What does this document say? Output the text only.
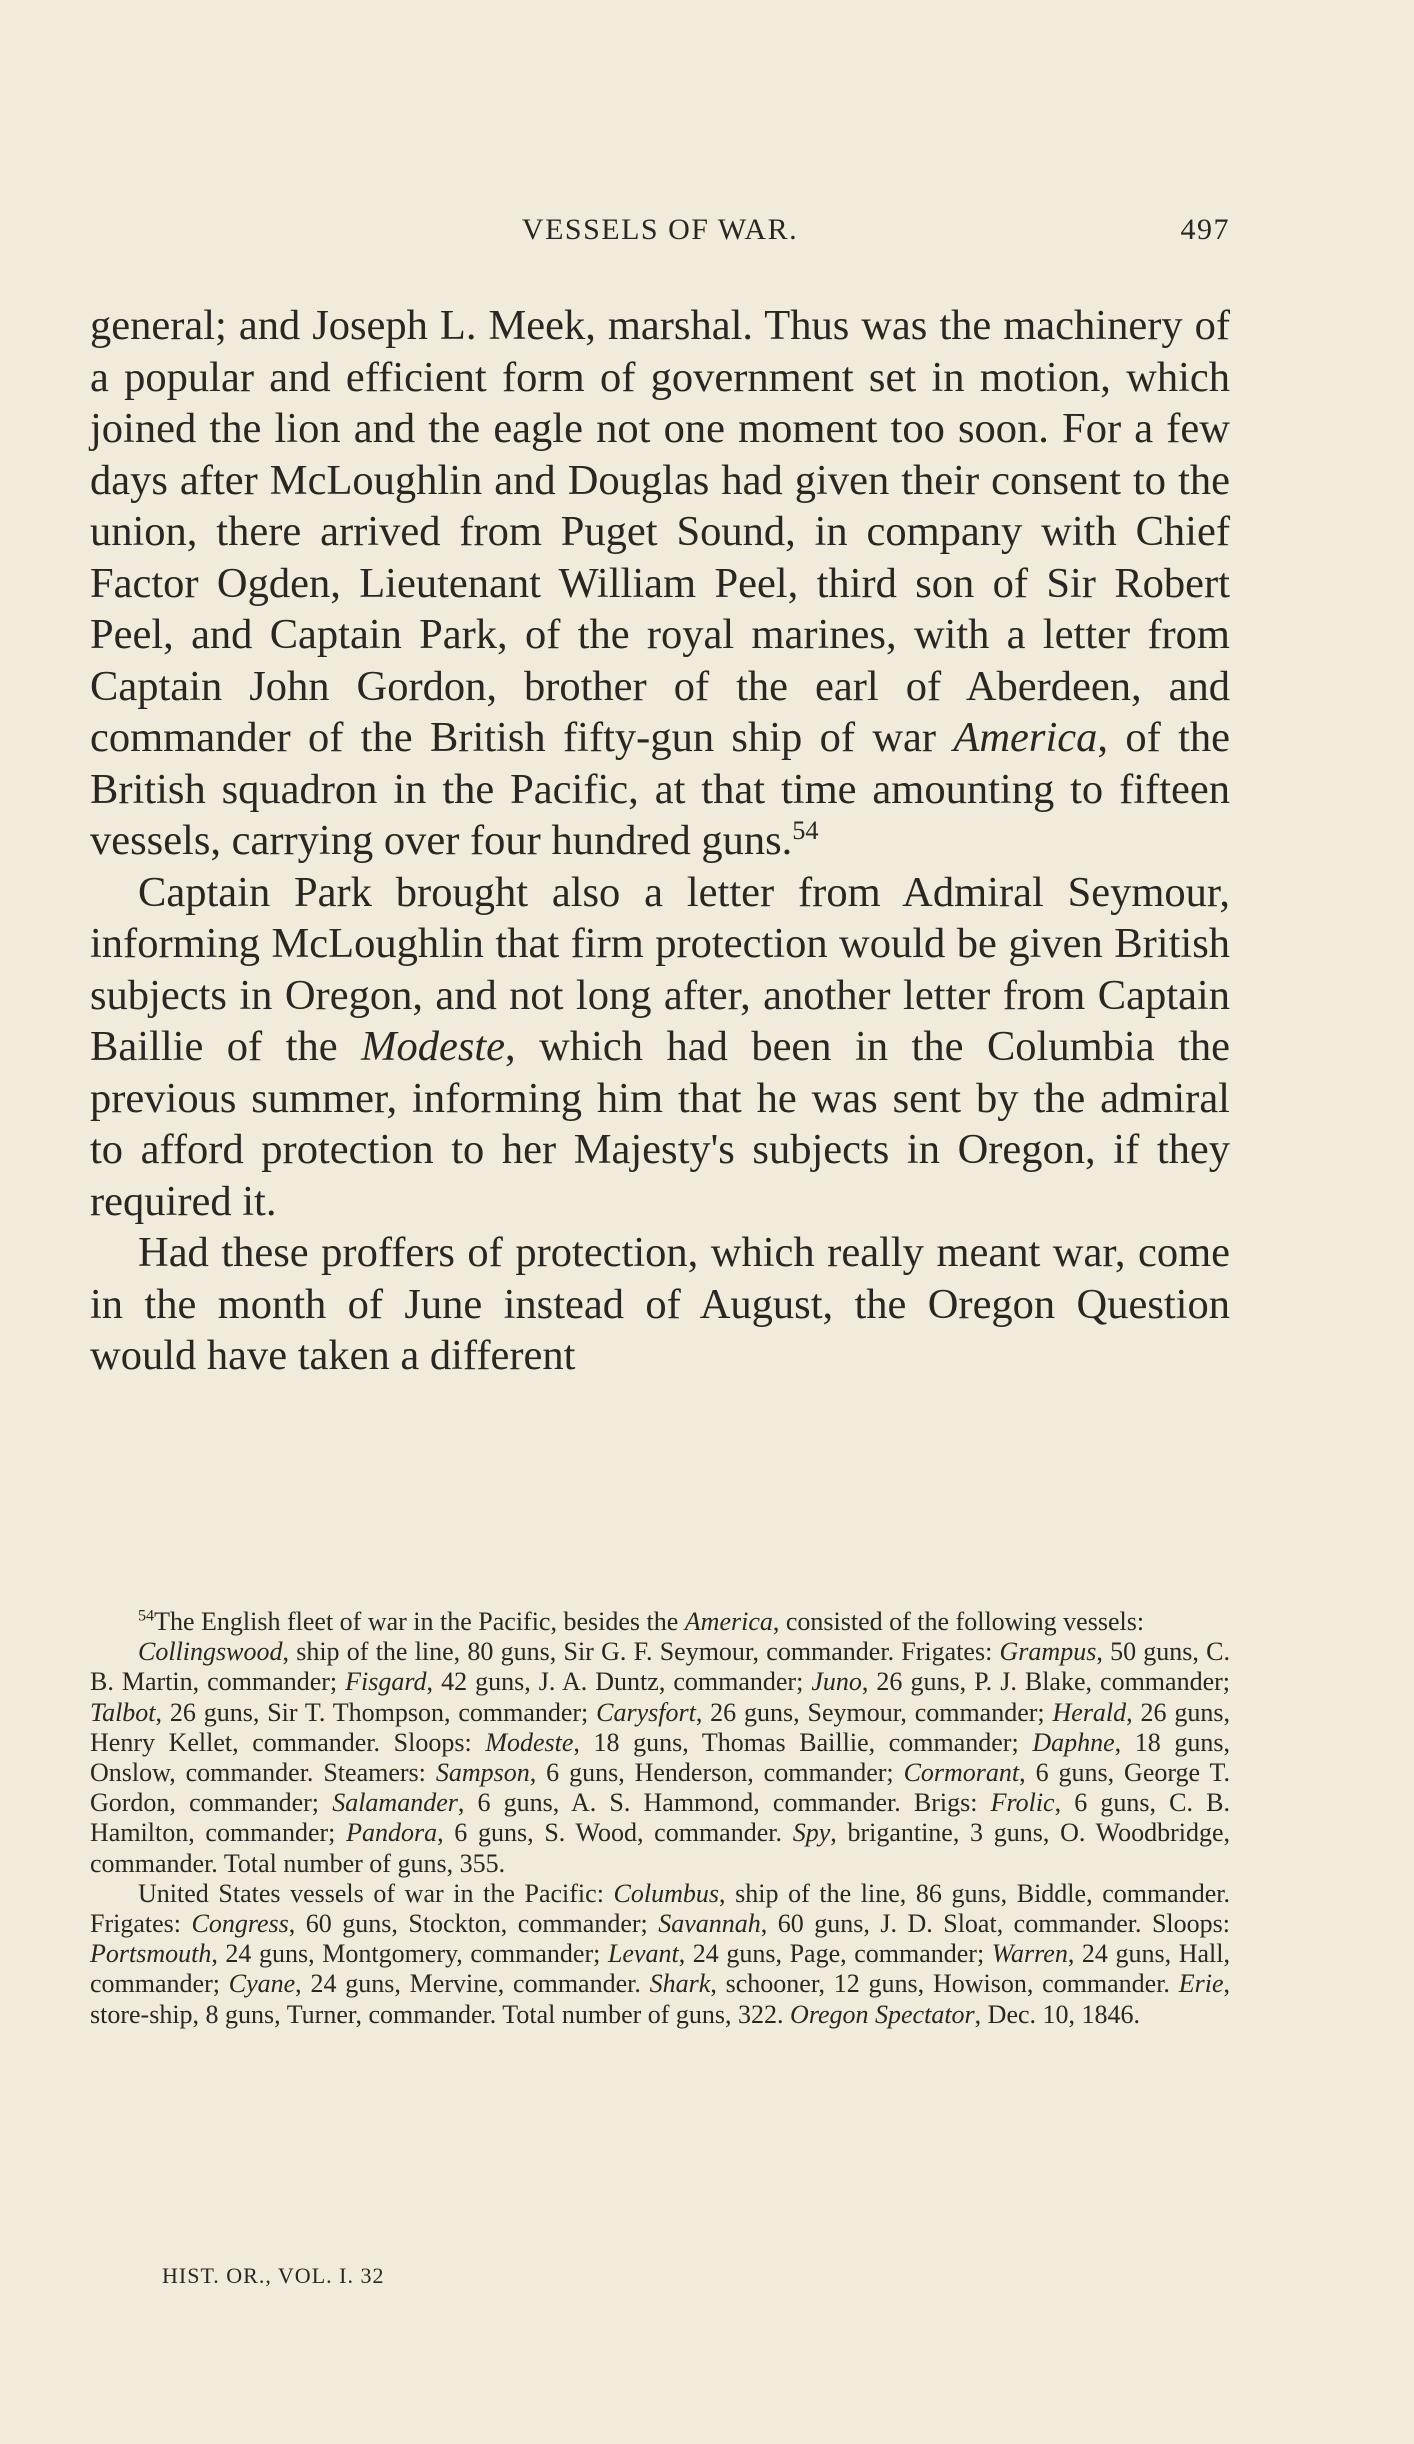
VESSELS OF WAR.	497

general; and Joseph L. Meek, marshal. Thus was the machinery of a popular and efficient form of government set in motion, which joined the lion and the eagle not one moment too soon. For a few days after McLoughlin and Douglas had given their consent to the union, there arrived from Puget Sound, in company with Chief Factor Ogden, Lieutenant William Peel, third son of Sir Robert Peel, and Captain Park, of the royal marines, with a letter from Captain John Gordon, brother of the earl of Aberdeen, and commander of the British fifty-gun ship of war America, of the British squadron in the Pacific, at that time amounting to fifteen vessels, carrying over four hundred guns.$^{54}$

Captain Park brought also a letter from Admiral Seymour, informing McLoughlin that firm protection would be given British subjects in Oregon, and not long after, another letter from Captain Baillie of the Modeste, which had been in the Columbia the previous summer, informing him that he was sent by the admiral to afford protection to her Majesty's subjects in Oregon, if they required it.

Had these proffers of protection, which really meant war, come in the month of June instead of August, the Oregon Question would have taken a different

$^{54}$The English fleet of war in the Pacific, besides the America, consisted of the following vessels:

Collingswood, ship of the line, 80 guns, Sir G. F. Seymour, commander. Frigates: Grampus, 50 guns, C. B. Martin, commander; Fisgard, 42 guns, J. A. Duntz, commander; Juno, 26 guns, P. J. Blake, commander; Talbot, 26 guns, Sir T. Thompson, commander; Carysfort, 26 guns, Seymour, commander; Herald, 26 guns, Henry Kellet, commander. Sloops: Modeste, 18 guns, Thomas Baillie, commander; Daphne, 18 guns, Onslow, commander. Steamers: Sampson, 6 guns, Henderson, commander; Cormorant, 6 guns, George T. Gordon, commander; Salamander, 6 guns, A. S. Hammond, commander. Brigs: Frolic, 6 guns, C. B. Hamilton, commander; Pandora, 6 guns, S. Wood, commander. Spy, brigantine, 3 guns, O. Woodbridge, commander. Total number of guns, 355.

United States vessels of war in the Pacific: Columbus, ship of the line, 86 guns, Biddle, commander. Frigates: Congress, 60 guns, Stockton, commander; Savannah, 60 guns, J. D. Sloat, commander. Sloops: Portsmouth, 24 guns, Montgomery, commander; Levant, 24 guns, Page, commander; Warren, 24 guns, Hall, commander; Cyane, 24 guns, Mervine, commander. Shark, schooner, 12 guns, Howison, commander. Erie, store-ship, 8 guns, Turner, commander. Total number of guns, 322. Oregon Spectator, Dec. 10, 1846.

HIST. OR., VOL. I. 32
